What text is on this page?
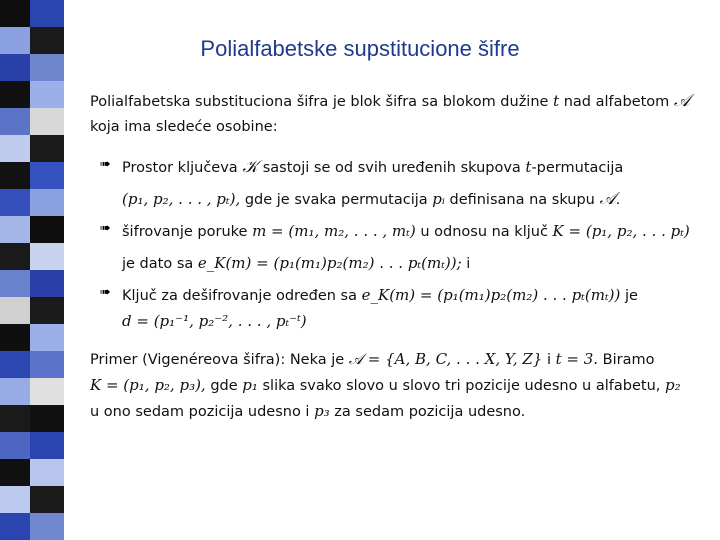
Polialfabetske supstitucione šifre

Polialfabetska substituciona šifra je blok šifra sa blokom dužine t nad alfabetom 𝒜
koja ima sledeće osobine:

➠ Prostor ključeva 𝒦 sastoji se od svih uređenih skupova t-permutacija
(p₁, p₂, . . . , pₜ), gde je svaka permutacija pᵢ definisana na skupu 𝒜.
➠ šifrovanje poruke m = (m₁, m₂, . . . , mₜ) u odnosu na ključ K = (p₁, p₂, . . . pₜ)
je dato sa e_K(m) = (p₁(m₁)p₂(m₂) . . . pₜ(mₜ)); i
➠ Ključ za dešifrovanje određen sa e_K(m) = (p₁(m₁)p₂(m₂) . . . pₜ(mₜ)) je
d = (p₁⁻¹, p₂⁻², . . . , pₜ⁻ᵗ)

Primer (Vigenéreova šifra): Neka je 𝒜 = {A, B, C, . . . X, Y, Z} i t = 3. Biramo
K = (p₁, p₂, p₃), gde p₁ slika svako slovo u slovo tri pozicije udesno u alfabetu, p₂
u ono sedam pozicija udesno i p₃ za sedam pozicija udesno.
